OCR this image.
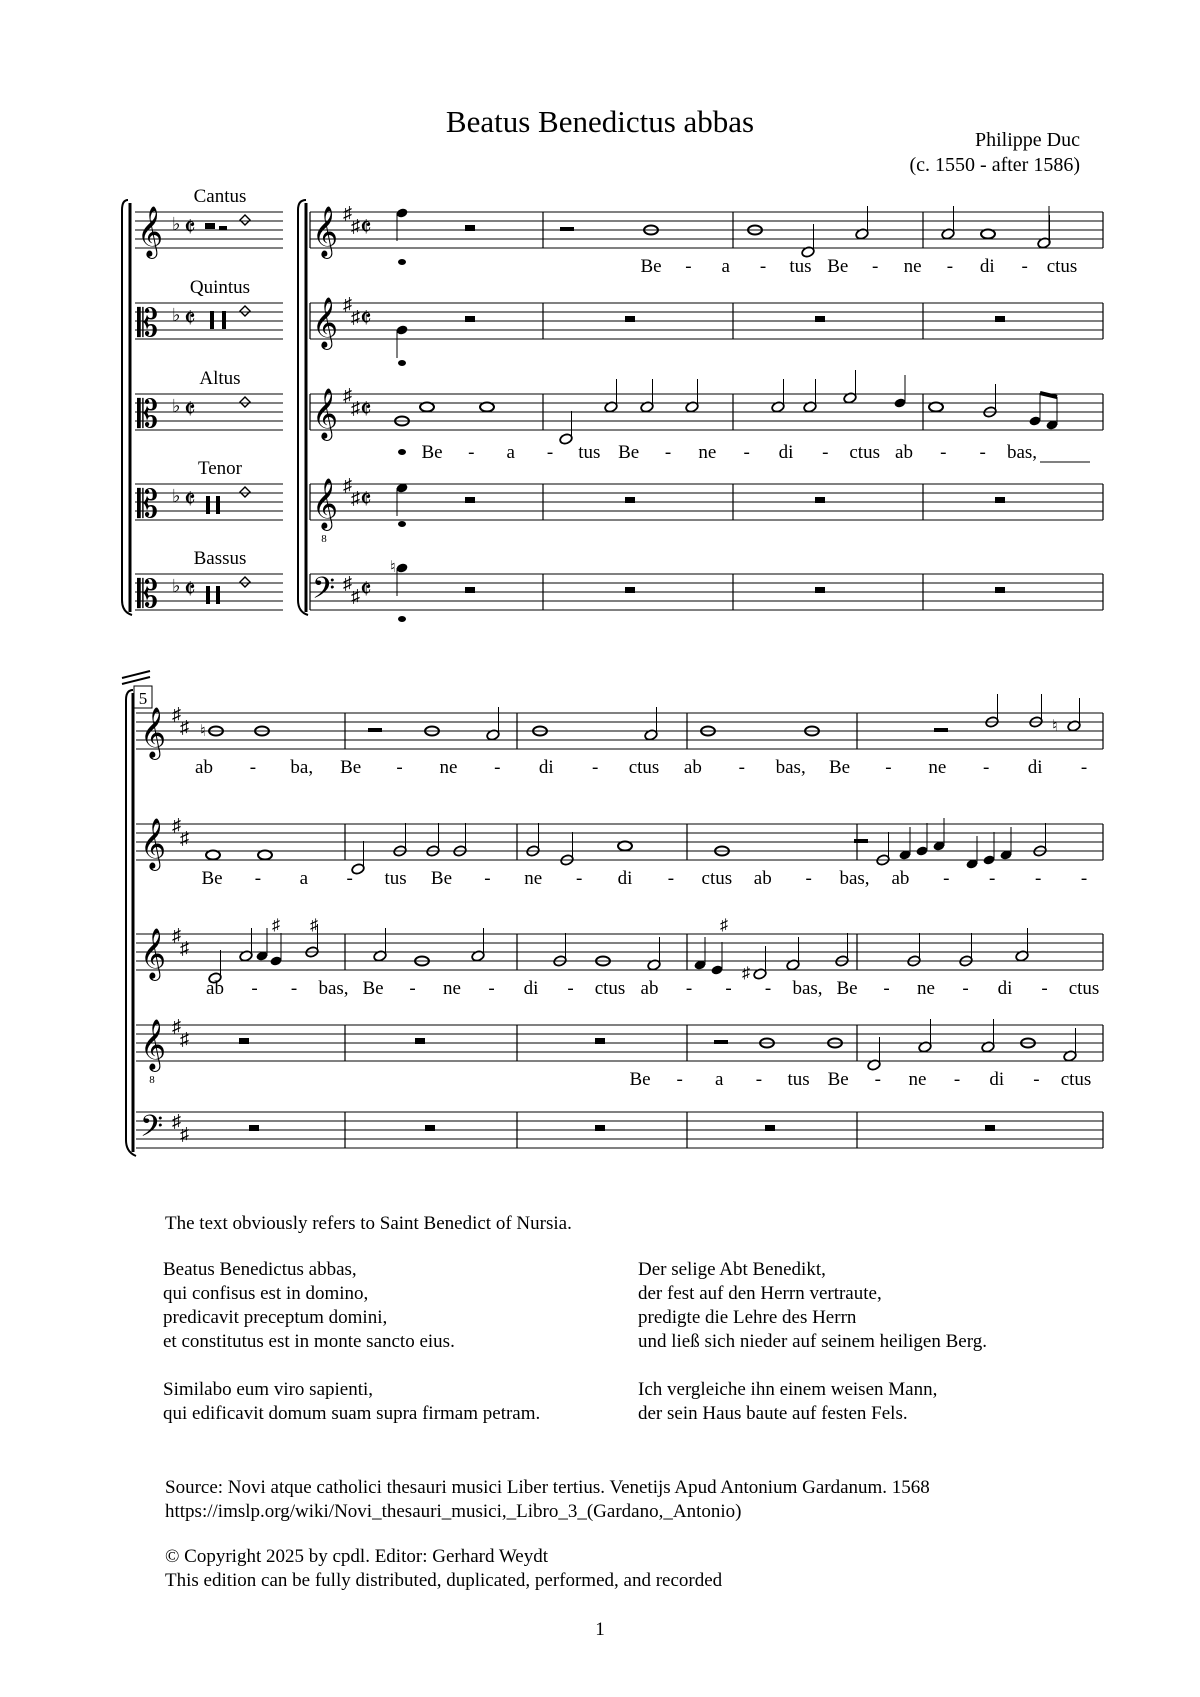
Beatus Benedictus abbas
Philippe Duc
(c. 1550 - after 1586)
Cantus
𝄞 ♭ 𝄵
Quintus
𝄡 ♭ 𝄵
Altus
𝄡 ♭ 𝄵
Tenor
𝄡 ♭ 𝄵
Bassus
𝄡 ♭ 𝄵
𝄞 ♯
♯ 𝄵
𝄞 ♯
♯ 𝄵
𝄞 ♯
♯ 𝄵
𝄞
8
♯
♯ 𝄵
𝄢 ♯
♯ 𝄵
Be - a - tus Be - ne - di - ctus
Be - a - tus Be - ne - di - ctus ab - - bas,
♮
5
𝄞 ♯
♯
𝄞 ♯
♯
𝄞 ♯
♯
𝄞
8
♯
♯
𝄢 ♯
♯
♮	♮
ab - ba, Be - ne - di - ctus ab - bas, Be - ne - di -
Be - a - tus Be - ne - di - ctus ab - bas, ab - - - -
♯ ♯
♯
♯
ab - - bas, Be - ne - di - ctus ab - - - bas, Be - ne - di - ctus
Be - a - tus Be - ne - di - ctus
The text obviously refers to Saint Benedict of Nursia.
Beatus Benedictus abbas,
qui confisus est in domino,
predicavit preceptum domini,
et constitutus est in monte sancto eius.
Similabo eum viro sapienti,
qui edificavit domum suam supra firmam petram.
Der selige Abt Benedikt,
der fest auf den Herrn vertraute,
predigte die Lehre des Herrn
und ließ sich nieder auf seinem heiligen Berg.
Ich vergleiche ihn einem weisen Mann,
der sein Haus baute auf festen Fels.
Source: Novi atque catholici thesauri musici Liber tertius. Venetijs Apud Antonium Gardanum. 1568
https://imslp.org/wiki/Novi_thesauri_musici,_Libro_3_(Gardano,_Antonio)
© Copyright 2025 by cpdl. Editor: Gerhard Weydt
This edition can be fully distributed, duplicated, performed, and recorded
1
